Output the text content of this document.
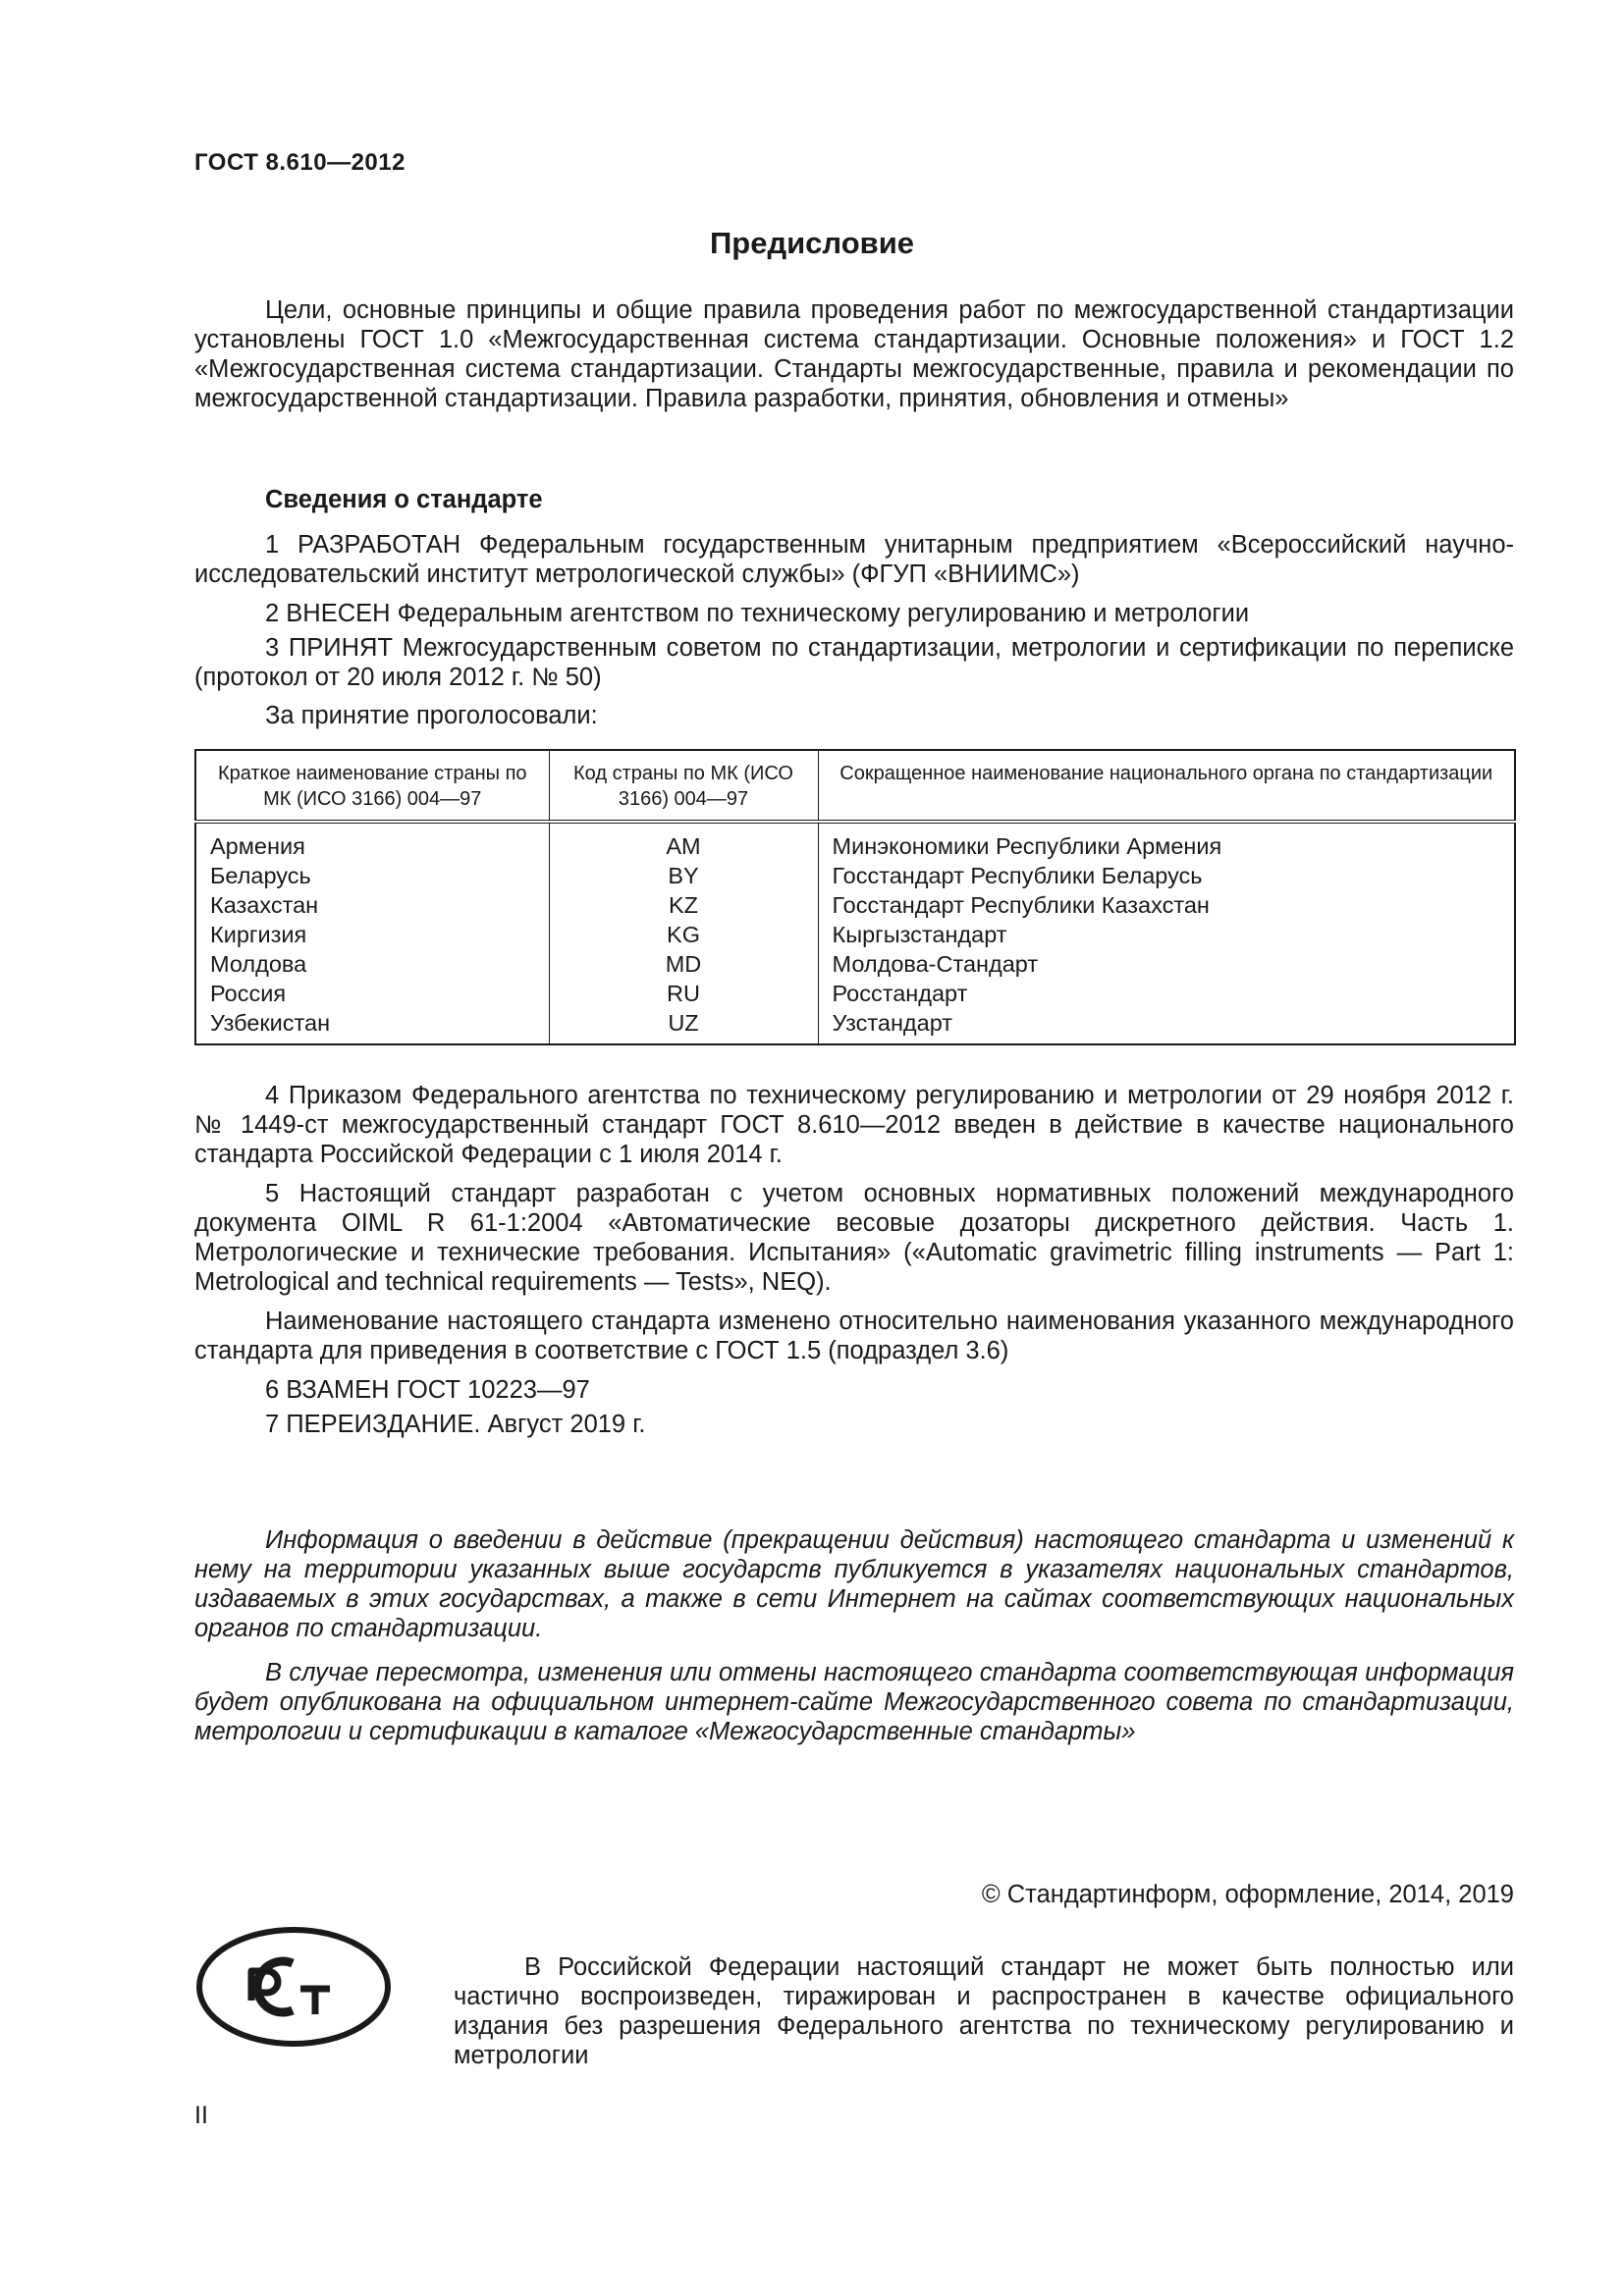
ГОСТ 8.610—2012
Предисловие
Цели, основные принципы и общие правила проведения работ по межгосударственной стандартизации установлены ГОСТ 1.0 «Межгосударственная система стандартизации. Основные положения» и ГОСТ 1.2 «Межгосударственная система стандартизации. Стандарты межгосударственные, правила и рекомендации по межгосударственной стандартизации. Правила разработки, принятия, обновления и отмены»
Сведения о стандарте
1 РАЗРАБОТАН Федеральным государственным унитарным предприятием «Всероссийский научно-исследовательский институт метрологической службы» (ФГУП «ВНИИМС»)
2 ВНЕСЕН Федеральным агентством по техническому регулированию и метрологии
3 ПРИНЯТ Межгосударственным советом по стандартизации, метрологии и сертификации по переписке (протокол от 20 июля 2012 г. № 50)
За принятие проголосовали:
Краткое наименование страны по МК (ИСО 3166) 004—97	Код страны по МК (ИСО 3166) 004—97	Сокращенное наименование национального органа по стандартизации
Армения	AM	Минэкономики Республики Армения
Беларусь	BY	Госстандарт Республики Беларусь
Казахстан	KZ	Госстандарт Республики Казахстан
Киргизия	KG	Кыргызстандарт
Молдова	MD	Молдова-Стандарт
Россия	RU	Росстандарт
Узбекистан	UZ	Узстандарт
4 Приказом Федерального агентства по техническому регулированию и метрологии от 29 ноября 2012 г. № 1449-ст межгосударственный стандарт ГОСТ 8.610—2012 введен в действие в качестве национального стандарта Российской Федерации с 1 июля 2014 г.
5 Настоящий стандарт разработан с учетом основных нормативных положений международного документа OIML R 61-1:2004 «Автоматические весовые дозаторы дискретного действия. Часть 1. Метрологические и технические требования. Испытания» («Automatic gravimetric filling instruments — Part 1: Metrological and technical requirements — Tests», NEQ).
Наименование настоящего стандарта изменено относительно наименования указанного международного стандарта для приведения в соответствие с ГОСТ 1.5 (подраздел 3.6)
6 ВЗАМЕН ГОСТ 10223—97
7 ПЕРЕИЗДАНИЕ. Август 2019 г.
Информация о введении в действие (прекращении действия) настоящего стандарта и изменений к нему на территории указанных выше государств публикуется в указателях национальных стандартов, издаваемых в этих государствах, а также в сети Интернет на сайтах соответствующих национальных органов по стандартизации.
В случае пересмотра, изменения или отмены настоящего стандарта соответствующая информация будет опубликована на официальном интернет-сайте Межгосударственного совета по стандартизации, метрологии и сертификации в каталоге «Межгосударственные стандарты»
© Стандартинформ, оформление, 2014, 2019
В Российской Федерации настоящий стандарт не может быть полностью или частично воспроизведен, тиражирован и распространен в качестве официального издания без разрешения Федерального агентства по техническому регулированию и метрологии
II
